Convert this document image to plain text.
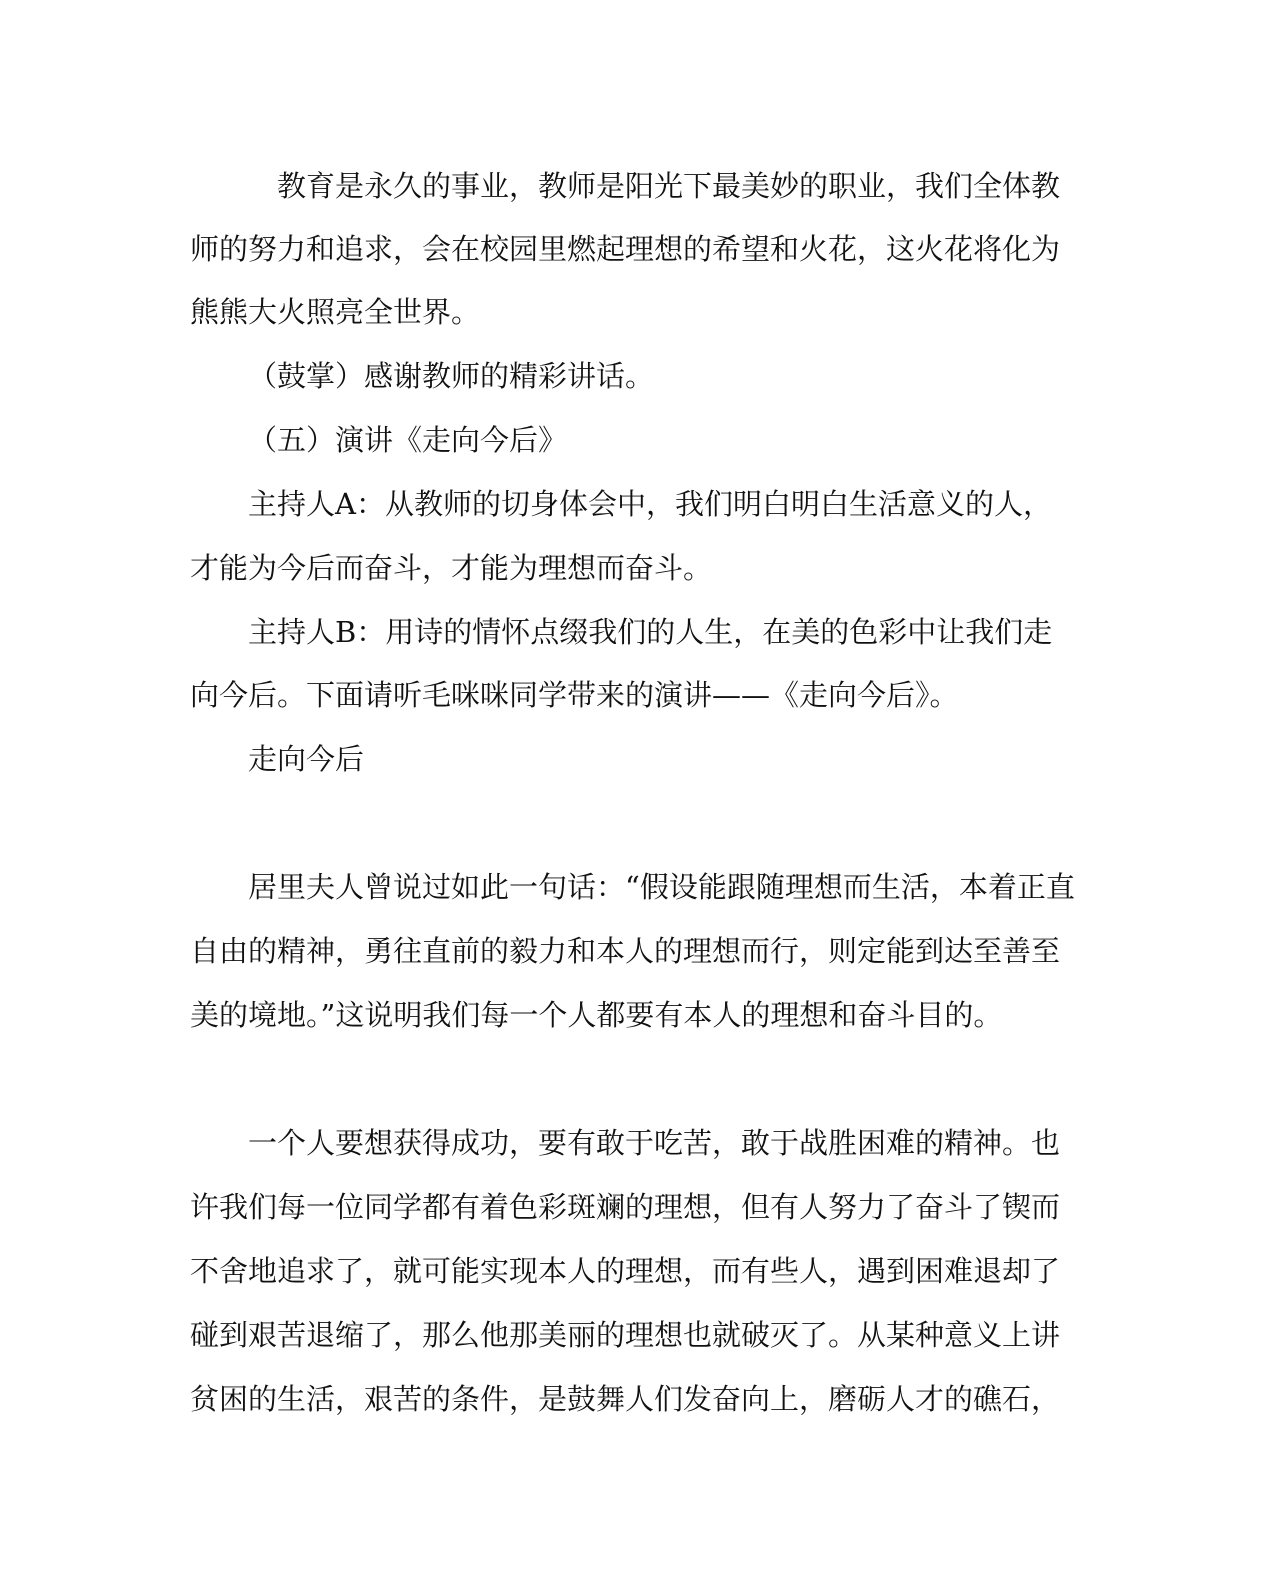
教育是永久的事业，教师是阳光下最美妙的职业，我们全体教

师的努力和追求，会在校园里燃起理想的希望和火花，这火花将化为

熊熊大火照亮全世界。

（鼓掌）感谢教师的精彩讲话。

（五）演讲《走向今后》

主持人A：从教师的切身体会中，我们明白明白生活意义的人，

才能为今后而奋斗，才能为理想而奋斗。

主持人B：用诗的情怀点缀我们的人生，在美的色彩中让我们走

向今后。下面请听毛咪咪同学带来的演讲——《走向今后》。

走向今后

居里夫人曾说过如此一句话：“假设能跟随理想而生活，本着正直

自由的精神，勇往直前的毅力和本人的理想而行，则定能到达至善至

美的境地。”这说明我们每一个人都要有本人的理想和奋斗目的。

一个人要想获得成功，要有敢于吃苦，敢于战胜困难的精神。也

许我们每一位同学都有着色彩斑斓的理想，但有人努力了奋斗了锲而

不舍地追求了，就可能实现本人的理想，而有些人，遇到困难退却了

碰到艰苦退缩了，那么他那美丽的理想也就破灭了。从某种意义上讲

贫困的生活，艰苦的条件，是鼓舞人们发奋向上，磨砺人才的礁石，
